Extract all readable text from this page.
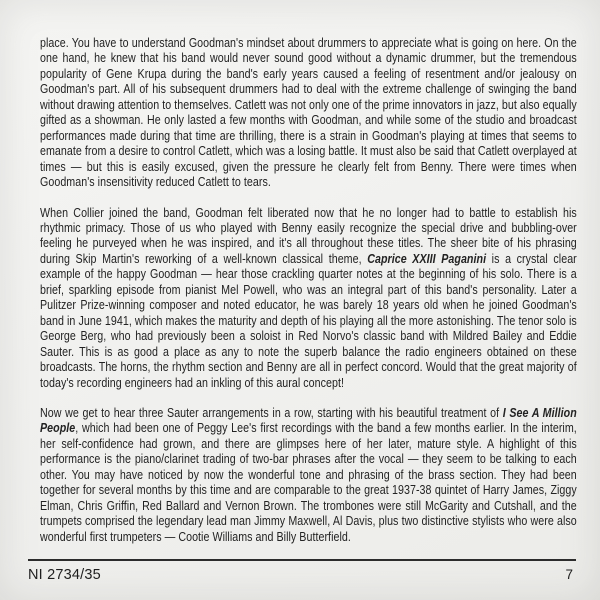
place. You have to understand Goodman's mindset about drummers to appreciate what is going on here. On the one hand, he knew that his band would never sound good without a dynamic drummer, but the tremendous popularity of Gene Krupa during the band's early years caused a feeling of resentment and/or jealousy on Goodman's part. All of his subsequent drummers had to deal with the extreme challenge of swinging the band without drawing attention to themselves. Catlett was not only one of the prime innovators in jazz, but also equally gifted as a showman. He only lasted a few months with Goodman, and while some of the studio and broadcast performances made during that time are thrilling, there is a strain in Goodman's playing at times that seems to emanate from a desire to control Catlett, which was a losing battle. It must also be said that Catlett overplayed at times — but this is easily excused, given the pressure he clearly felt from Benny. There were times when Goodman's insensitivity reduced Catlett to tears.

When Collier joined the band, Goodman felt liberated now that he no longer had to battle to establish his rhythmic primacy. Those of us who played with Benny easily recognize the special drive and bubbling-over feeling he purveyed when he was inspired, and it's all throughout these titles. The sheer bite of his phrasing during Skip Martin's reworking of a well-known classical theme, Caprice XXIII Paganini is a crystal clear example of the happy Goodman — hear those crackling quarter notes at the beginning of his solo. There is a brief, sparkling episode from pianist Mel Powell, who was an integral part of this band's personality. Later a Pulitzer Prize-winning composer and noted educator, he was barely 18 years old when he joined Goodman's band in June 1941, which makes the maturity and depth of his playing all the more astonishing. The tenor solo is George Berg, who had previously been a soloist in Red Norvo's classic band with Mildred Bailey and Eddie Sauter. This is as good a place as any to note the superb balance the radio engineers obtained on these broadcasts. The horns, the rhythm section and Benny are all in perfect concord. Would that the great majority of today's recording engineers had an inkling of this aural concept!

Now we get to hear three Sauter arrangements in a row, starting with his beautiful treatment of I See A Million People, which had been one of Peggy Lee's first recordings with the band a few months earlier. In the interim, her self-confidence had grown, and there are glimpses here of her later, mature style. A highlight of this performance is the piano/clarinet trading of two-bar phrases after the vocal — they seem to be talking to each other. You may have noticed by now the wonderful tone and phrasing of the brass section. They had been together for several months by this time and are comparable to the great 1937-38 quintet of Harry James, Ziggy Elman, Chris Griffin, Red Ballard and Vernon Brown. The trombones were still McGarity and Cutshall, and the trumpets comprised the legendary lead man Jimmy Maxwell, Al Davis, plus two distinctive stylists who were also wonderful first trumpeters — Cootie Williams and Billy Butterfield.

NI 2734/35	7
